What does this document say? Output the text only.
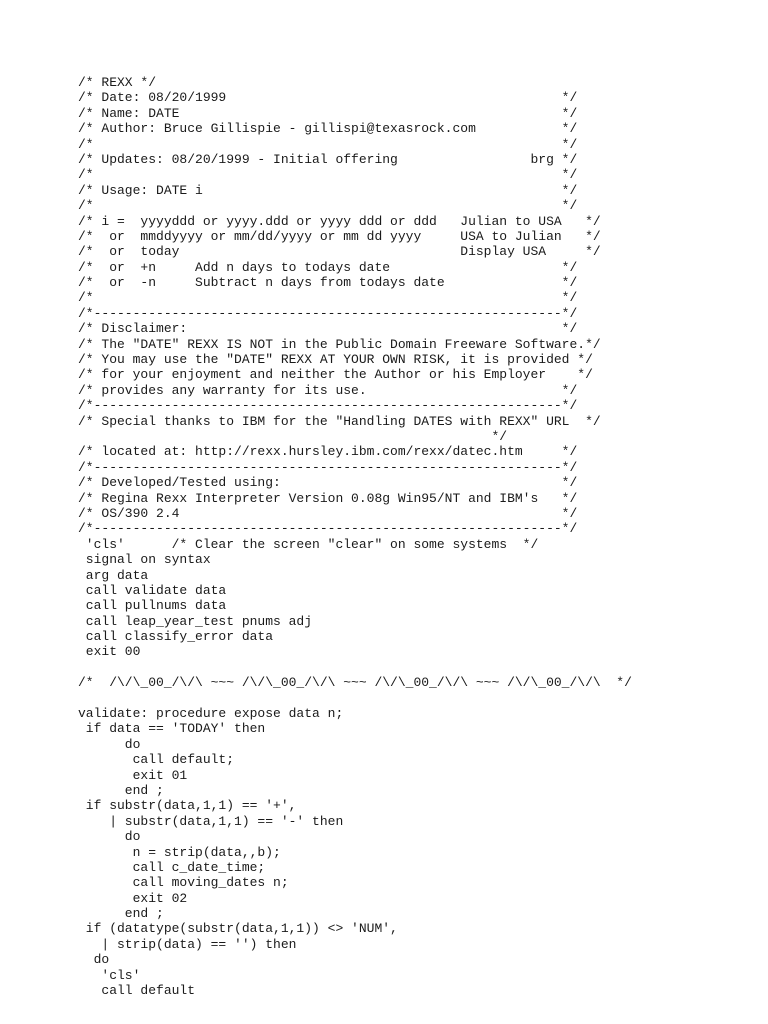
/* REXX */
/* Date: 08/20/1999                                           */
/* Name: DATE                                                 */
/* Author: Bruce Gillispie - gillispi@texasrock.com           */
/*                                                            */
/* Updates: 08/20/1999 - Initial offering                 brg */
/*                                                            */
/* Usage: DATE i                                              */
/*                                                            */
/* i =  yyyyddd or yyyy.ddd or yyyy ddd or ddd   Julian to USA   */
/*  or  mmddyyyy or mm/dd/yyyy or mm dd yyyy     USA to Julian   */
/*  or  today                                    Display USA     */
/*  or  +n     Add n days to todays date                      */
/*  or  -n     Subtract n days from todays date               */
/*                                                            */
/*------------------------------------------------------------*/
/* Disclaimer:                                                */
/* The "DATE" REXX IS NOT in the Public Domain Freeware Software.*/
/* You may use the "DATE" REXX AT YOUR OWN RISK, it is provided */
/* for your enjoyment and neither the Author or his Employer    */
/* provides any warranty for its use.                         */
/*------------------------------------------------------------*/
/* Special thanks to IBM for the "Handling DATES with REXX" URL  */
*/
/* located at: http://rexx.hursley.ibm.com/rexx/datec.htm     */
/*------------------------------------------------------------*/
/* Developed/Tested using:                                    */
/* Regina Rexx Interpreter Version 0.08g Win95/NT and IBM's   */
/* OS/390 2.4                                                 */
/*------------------------------------------------------------*/
'cls'      /* Clear the screen "clear" on some systems  */
signal on syntax
arg data
call validate data
call pullnums data
call leap_year_test pnums adj
call classify_error data
exit 00
/*  /\/\_00_/\/\ ~~~ /\/\_00_/\/\ ~~~ /\/\_00_/\/\ ~~~ /\/\_00_/\/\  */
validate: procedure expose data n;
if data == 'TODAY' then
do
call default;
exit 01
end ;
if substr(data,1,1) == '+',
| substr(data,1,1) == '-' then
do
n = strip(data,,b);
call c_date_time;
call moving_dates n;
exit 02
end ;
if (datatype(substr(data,1,1)) <> 'NUM',
| strip(data) == '') then
do
'cls'
call default
